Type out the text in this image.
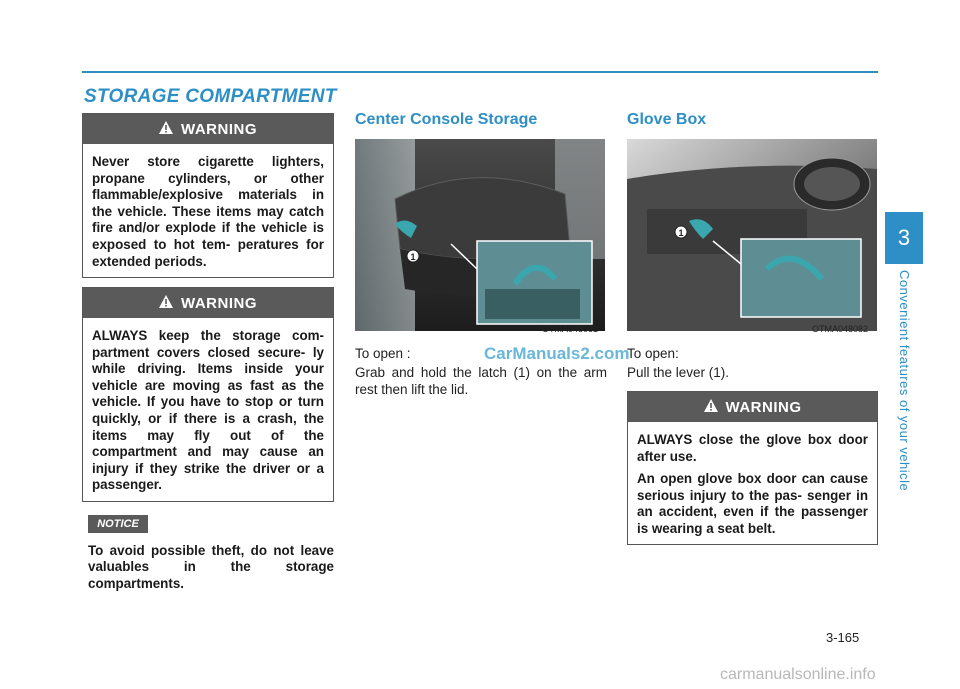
STORAGE COMPARTMENT
WARNING

Never store cigarette lighters, propane cylinders, or other flammable/explosive materials in the vehicle. These items may catch fire and/or explode if the vehicle is exposed to hot tem- peratures for extended periods.

WARNING

ALWAYS keep the storage com- partment covers closed secure- ly while driving. Items inside your vehicle are moving as fast as the vehicle. If you have to stop or turn quickly, or if there is a crash, the items may fly out of the compartment and may cause an injury if they strike the driver or a passenger.

NOTICE
To avoid possible theft, do not leave valuables in the storage compartments.
Center Console Storage
1
OTMA048081
To open :
Grab and hold the latch (1) on the arm rest then lift the lid.
Glove Box
1
OTMA048082
To open:
Pull the lever (1).
WARNING

ALWAYS close the glove box door after use.

An open glove box door can cause serious injury to the pas- senger in an accident, even if the passenger is wearing a seat belt.

CarManuals2.com
3
Convenient features of your vehicle
3-165
carmanualsonline.info
